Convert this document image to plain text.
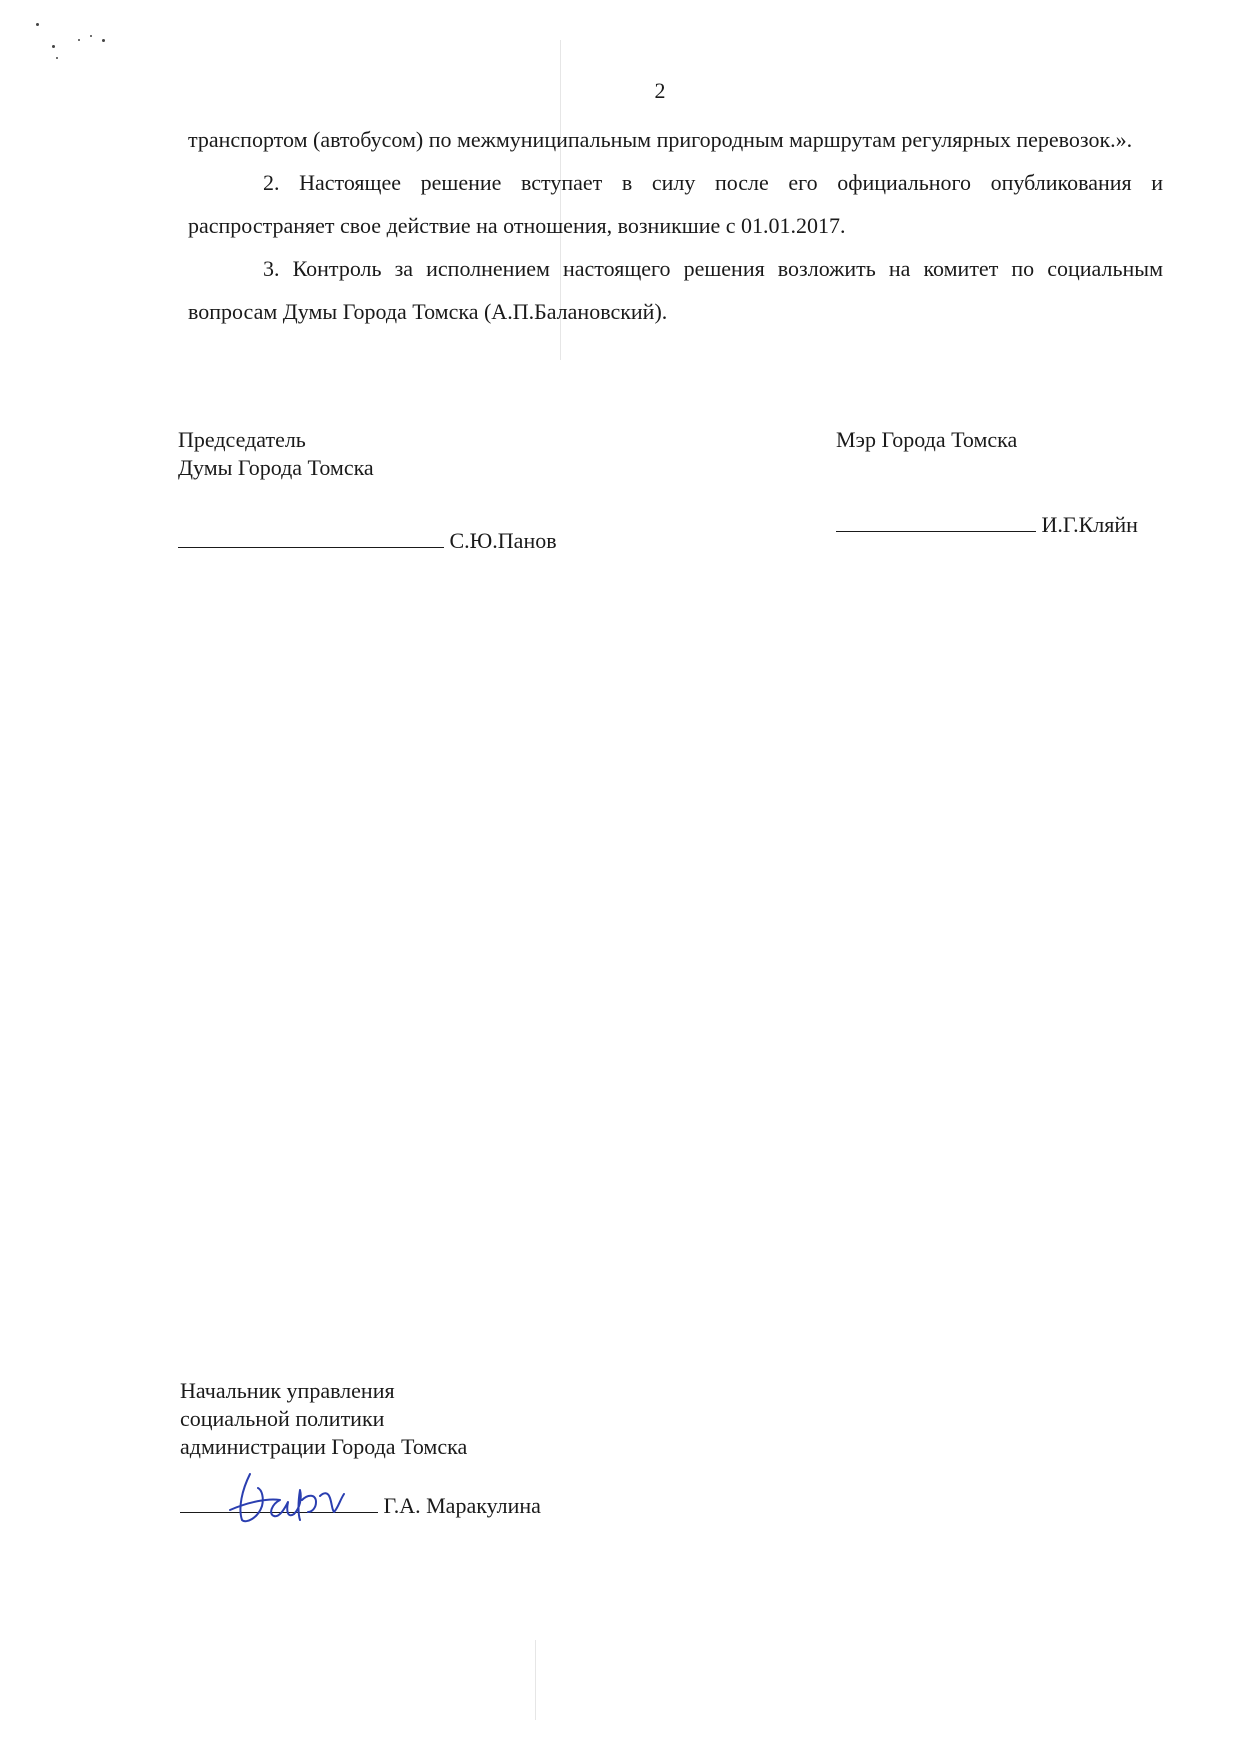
2

транспортом (автобусом) по межмуниципальным пригородным маршрутам регулярных перевозок.».

2. Настоящее решение вступает в силу после его официального опубликования и распространяет свое действие на отношения, возникшие с 01.01.2017.

3. Контроль за исполнением настоящего решения возложить на комитет по социальным вопросам Думы Города Томска (А.П.Балановский).

Председатель
Думы Города Томска
С.Ю.Панов
Мэр Города Томска
И.Г.Кляйн
Начальник управления
социальной политики
администрации Города Томска
Г.А. Маракулина
